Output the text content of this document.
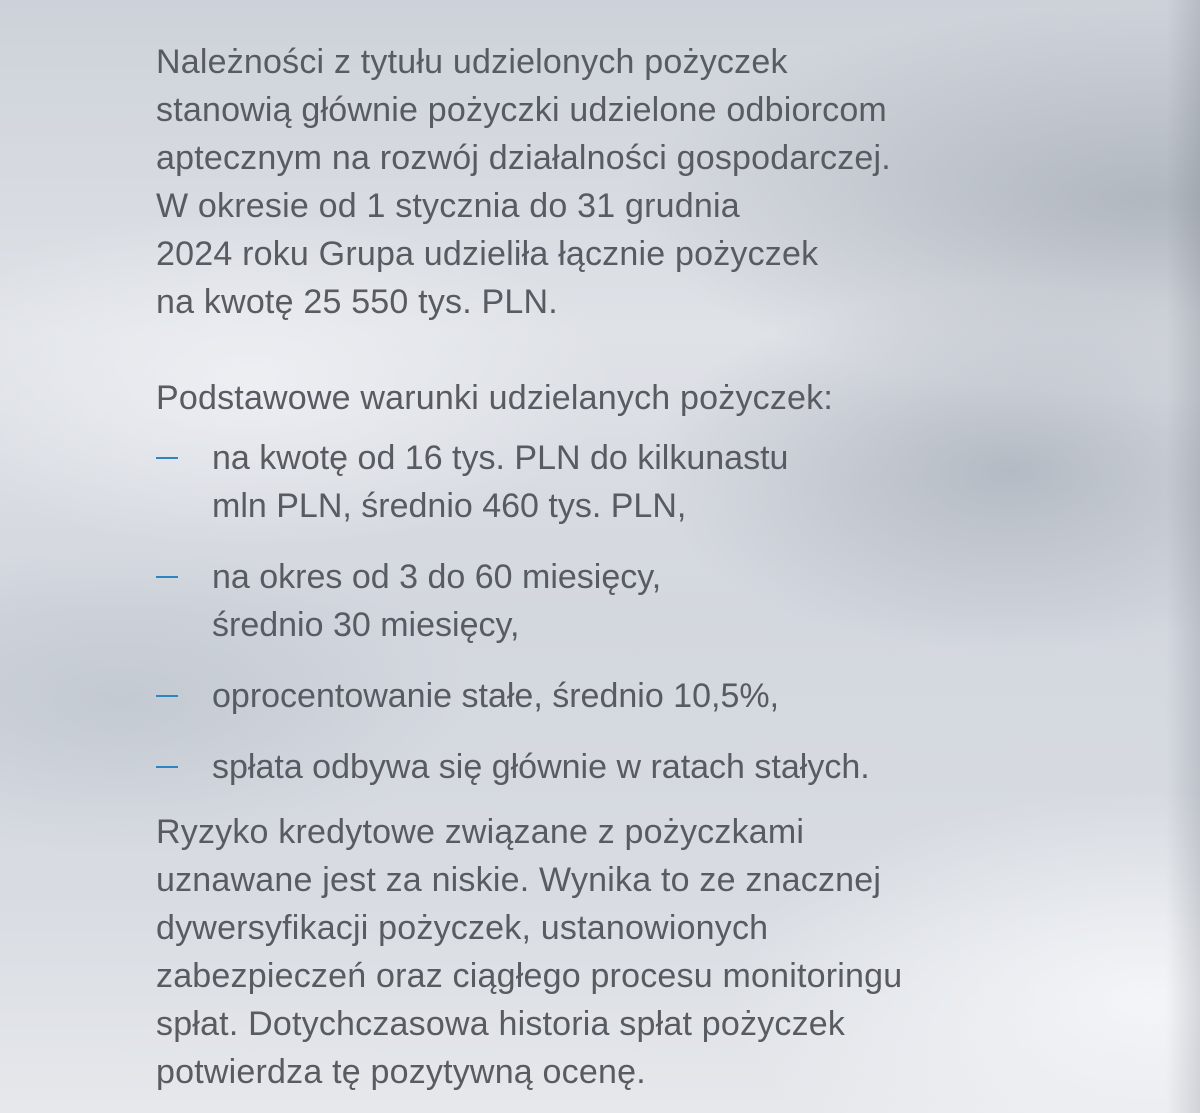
Należności z tytułu udzielonych pożyczek
stanowią głównie pożyczki udzielone odbiorcom
aptecznym na rozwój działalności gospodarczej.
W okresie od 1 stycznia do 31 grudnia
2024 roku Grupa udzieliła łącznie pożyczek
na kwotę 25 550 tys. PLN.

Podstawowe warunki udzielanych pożyczek:

na kwotę od 16 tys. PLN do kilkunastu
mln PLN, średnio 460 tys. PLN,
na okres od 3 do 60 miesięcy,
średnio 30 miesięcy,
oprocentowanie stałe, średnio 10,5%,
spłata odbywa się głównie w ratach stałych.

Ryzyko kredytowe związane z pożyczkami
uznawane jest za niskie. Wynika to ze znacznej
dywersyfikacji pożyczek, ustanowionych
zabezpieczeń oraz ciągłego procesu monitoringu
spłat. Dotychczasowa historia spłat pożyczek
potwierdza tę pozytywną ocenę.
